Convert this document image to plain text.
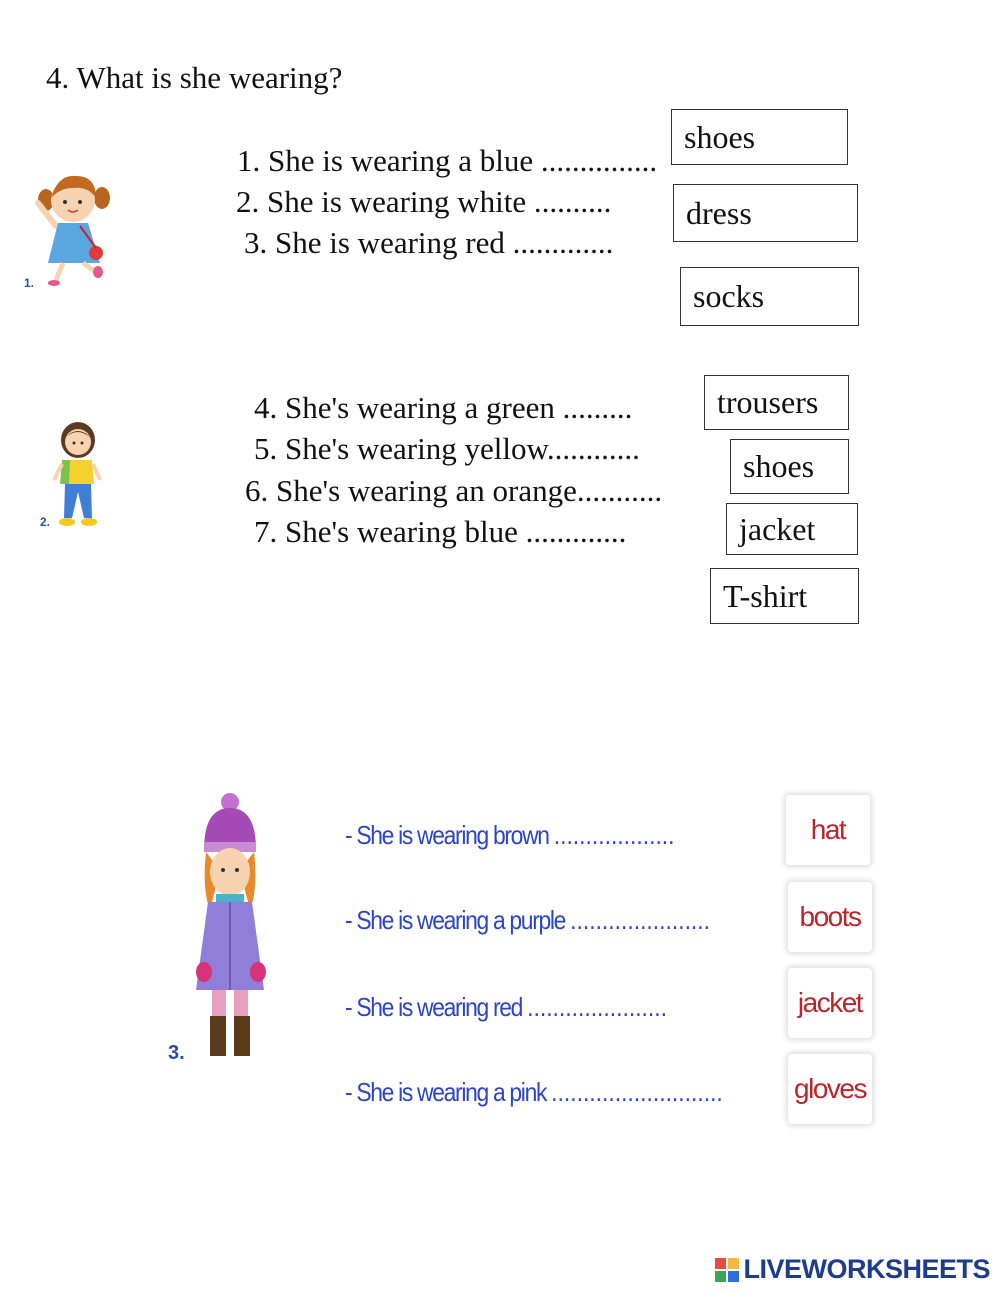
4. What is she wearing?
1.
1. She is wearing a blue ...............
2. She is wearing white ..........
3. She is wearing red .............
shoes
dress
socks
2.
4. She's wearing a green .........
5. She's wearing yellow............
6. She's wearing an orange...........
7. She's wearing blue .............
trousers
shoes
jacket
T-shirt
3.
- She is wearing brown ...................
- She is wearing a purple ......................
- She is wearing red ......................
- She is wearing a pink ...........................
hat
boots
jacket
gloves
LIVEWORKSHEETS
